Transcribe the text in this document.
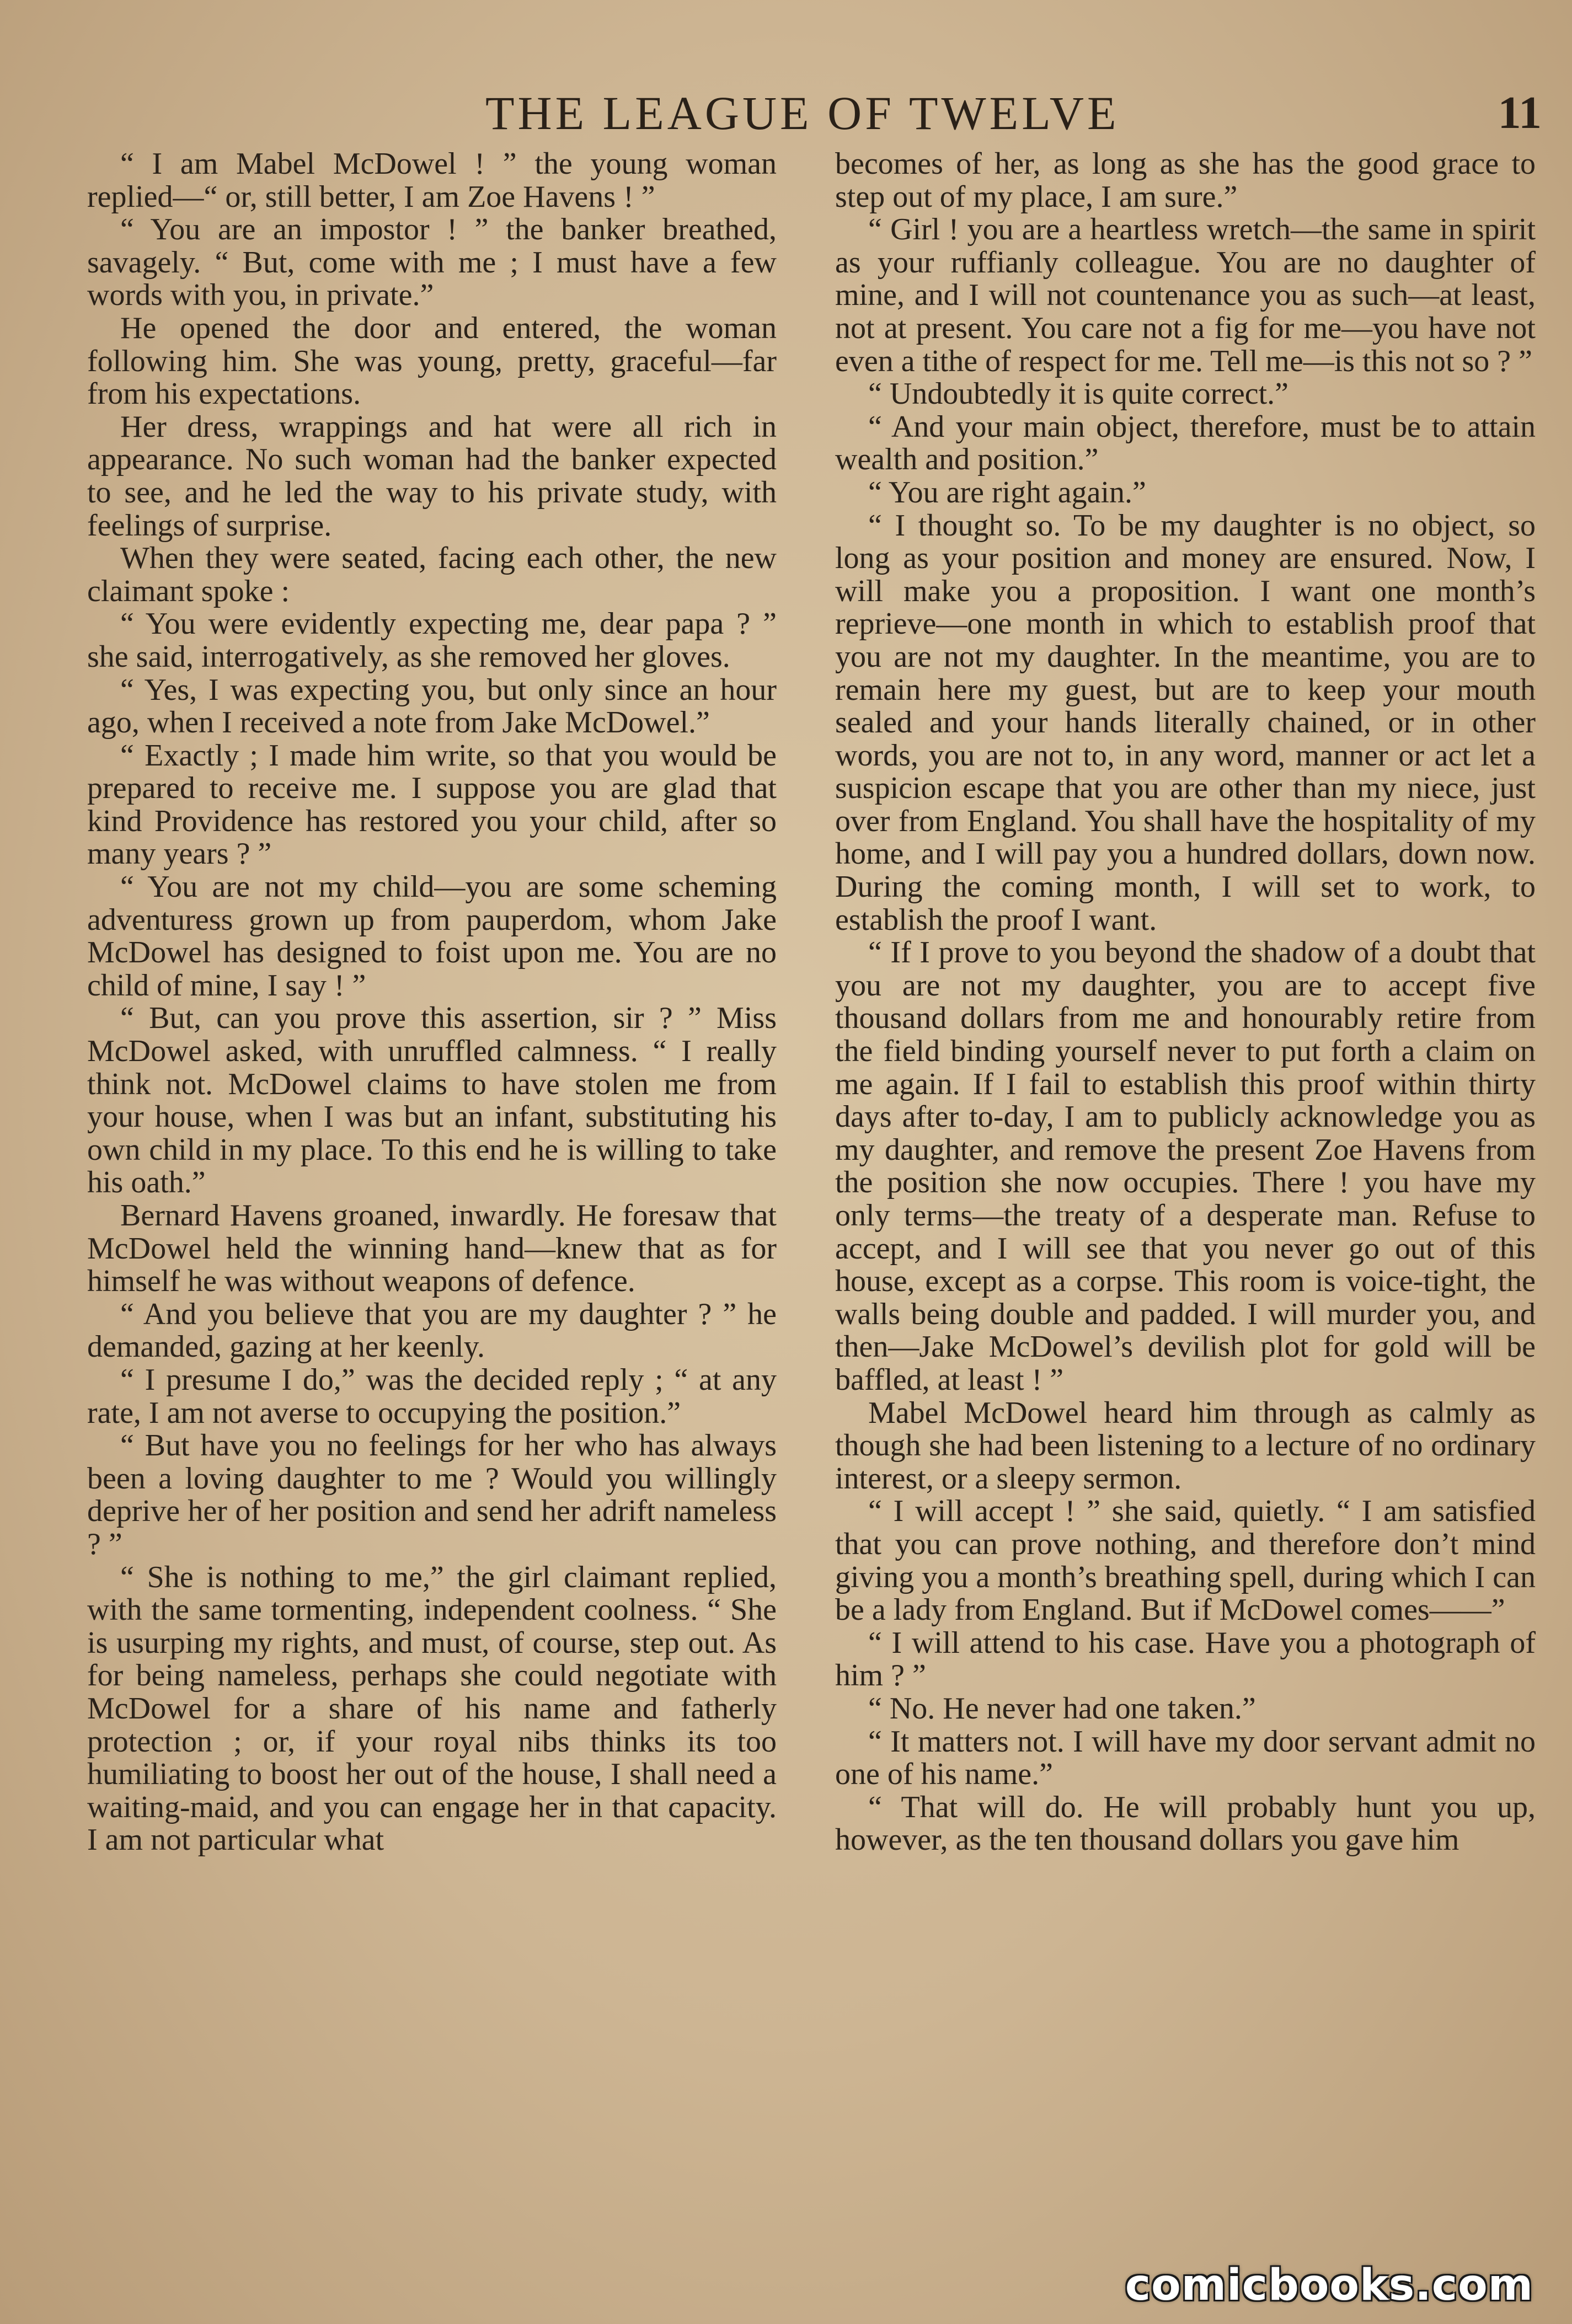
THE LEAGUE OF TWELVE	11

“ I am Mabel McDowel ! ” the young woman replied—“ or, still better, I am Zoe Havens ! ”

“ You are an impostor ! ” the banker breathed, savagely. “ But, come with me ; I must have a few words with you, in private.”

He opened the door and entered, the woman following him. She was young, pretty, graceful—far from his expectations.

Her dress, wrappings and hat were all rich in appearance. No such woman had the banker expected to see, and he led the way to his private study, with feelings of surprise.

When they were seated, facing each other, the new claimant spoke :

“ You were evidently expecting me, dear papa ? ” she said, interrogatively, as she removed her gloves.

“ Yes, I was expecting you, but only since an hour ago, when I received a note from Jake McDowel.”

“ Exactly ; I made him write, so that you would be prepared to receive me. I suppose you are glad that kind Providence has restored you your child, after so many years ? ”

“ You are not my child—you are some scheming adventuress grown up from pauperdom, whom Jake McDowel has designed to foist upon me. You are no child of mine, I say ! ”

“ But, can you prove this assertion, sir ? ” Miss McDowel asked, with unruffled calmness. “ I really think not. McDowel claims to have stolen me from your house, when I was but an infant, substituting his own child in my place. To this end he is willing to take his oath.”

Bernard Havens groaned, inwardly. He foresaw that McDowel held the winning hand—knew that as for himself he was without weapons of defence.

“ And you believe that you are my daughter ? ” he demanded, gazing at her keenly.

“ I presume I do,” was the decided reply ; “ at any rate, I am not averse to occupying the position.”

“ But have you no feelings for her who has always been a loving daughter to me ? Would you willingly deprive her of her position and send her adrift nameless ? ”

“ She is nothing to me,” the girl claimant replied, with the same tormenting, independent coolness. “ She is usurping my rights, and must, of course, step out. As for being nameless, perhaps she could negotiate with McDowel for a share of his name and fatherly protection ; or, if your royal nibs thinks its too humiliating to boost her out of the house, I shall need a waiting-maid, and you can engage her in that capacity. I am not particular what

becomes of her, as long as she has the good grace to step out of my place, I am sure.”

“ Girl ! you are a heartless wretch—the same in spirit as your ruffianly colleague. You are no daughter of mine, and I will not countenance you as such—at least, not at present. You care not a fig for me—you have not even a tithe of respect for me. Tell me—is this not so ? ”

“ Undoubtedly it is quite correct.”

“ And your main object, therefore, must be to attain wealth and position.”

“ You are right again.”

“ I thought so. To be my daughter is no object, so long as your position and money are ensured. Now, I will make you a proposition. I want one month’s reprieve—one month in which to establish proof that you are not my daughter. In the meantime, you are to remain here my guest, but are to keep your mouth sealed and your hands literally chained, or in other words, you are not to, in any word, manner or act let a suspicion escape that you are other than my niece, just over from England. You shall have the hospitality of my home, and I will pay you a hundred dollars, down now. During the coming month, I will set to work, to establish the proof I want.

“ If I prove to you beyond the shadow of a doubt that you are not my daughter, you are to accept five thousand dollars from me and honourably retire from the field binding yourself never to put forth a claim on me again. If I fail to establish this proof within thirty days after to-day, I am to publicly acknowledge you as my daughter, and remove the present Zoe Havens from the position she now occupies. There ! you have my only terms—the treaty of a desperate man. Refuse to accept, and I will see that you never go out of this house, except as a corpse. This room is voice-tight, the walls being double and padded. I will murder you, and then—Jake McDowel’s devilish plot for gold will be baffled, at least ! ”

Mabel McDowel heard him through as calmly as though she had been listening to a lecture of no ordinary interest, or a sleepy sermon.

“ I will accept ! ” she said, quietly. “ I am satisfied that you can prove nothing, and therefore don’t mind giving you a month’s breathing spell, during which I can be a lady from England. But if McDowel comes——”

“ I will attend to his case. Have you a photograph of him ? ”

“ No. He never had one taken.”

“ It matters not. I will have my door servant admit no one of his name.”

“ That will do. He will probably hunt you up, however, as the ten thousand dollars you gave him

comicbooks.com
